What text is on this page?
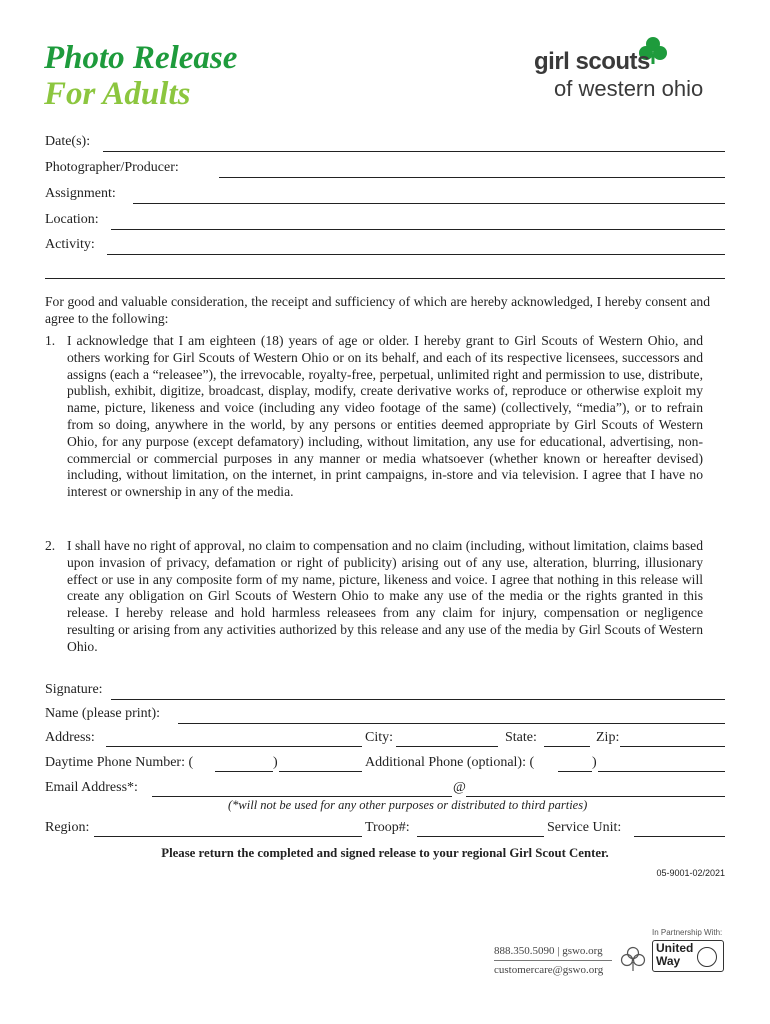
Photo Release
For Adults
girl scouts
of western ohio
Date(s):
Photographer/Producer:
Assignment:
Location:
Activity:
For good and valuable consideration, the receipt and sufficiency of which are hereby acknowledged, I hereby consent and agree to the following:
1. I acknowledge that I am eighteen (18) years of age or older. I hereby grant to Girl Scouts of Western Ohio, and others working for Girl Scouts of Western Ohio or on its behalf, and each of its respective licensees, successors and assigns (each a “releasee”), the irrevocable, royalty-free, perpetual, unlimited right and permission to use, distribute, publish, exhibit, digitize, broadcast, display, modify, create derivative works of, reproduce or otherwise exploit my name, picture, likeness and voice (including any video footage of the same) (collectively, “media”), or to refrain from so doing, anywhere in the world, by any persons or entities deemed appropriate by Girl Scouts of Western Ohio, for any purpose (except defamatory) including, without limitation, any use for educational, advertising, non-commercial or commercial purposes in any manner or media whatsoever (whether known or hereafter devised) including, without limitation, on the internet, in print campaigns, in-store and via television. I agree that I have no interest or ownership in any of the media.
2. I shall have no right of approval, no claim to compensation and no claim (including, without limitation, claims based upon invasion of privacy, defamation or right of publicity) arising out of any use, alteration, blurring, illusionary effect or use in any composite form of my name, picture, likeness and voice. I agree that nothing in this release will create any obligation on Girl Scouts of Western Ohio to make any use of the media or the rights granted in this release. I hereby release and hold harmless releasees from any claim for injury, compensation or negligence resulting or arising from any activities authorized by this release and any use of the media by Girl Scouts of Western Ohio.
Signature:
Name (please print):
Address:	City:	State:	Zip:
Daytime Phone Number: (	)	Additional Phone (optional): (	)
Email Address*:	@
(*will not be used for any other purposes or distributed to third parties)
Region:	Troop#:	Service Unit:
Please return the completed and signed release to your regional Girl Scout Center.
05-9001-02/2021
888.350.5090 | gswo.org
customercare@gswo.org
In Partnership With:
United
Way
